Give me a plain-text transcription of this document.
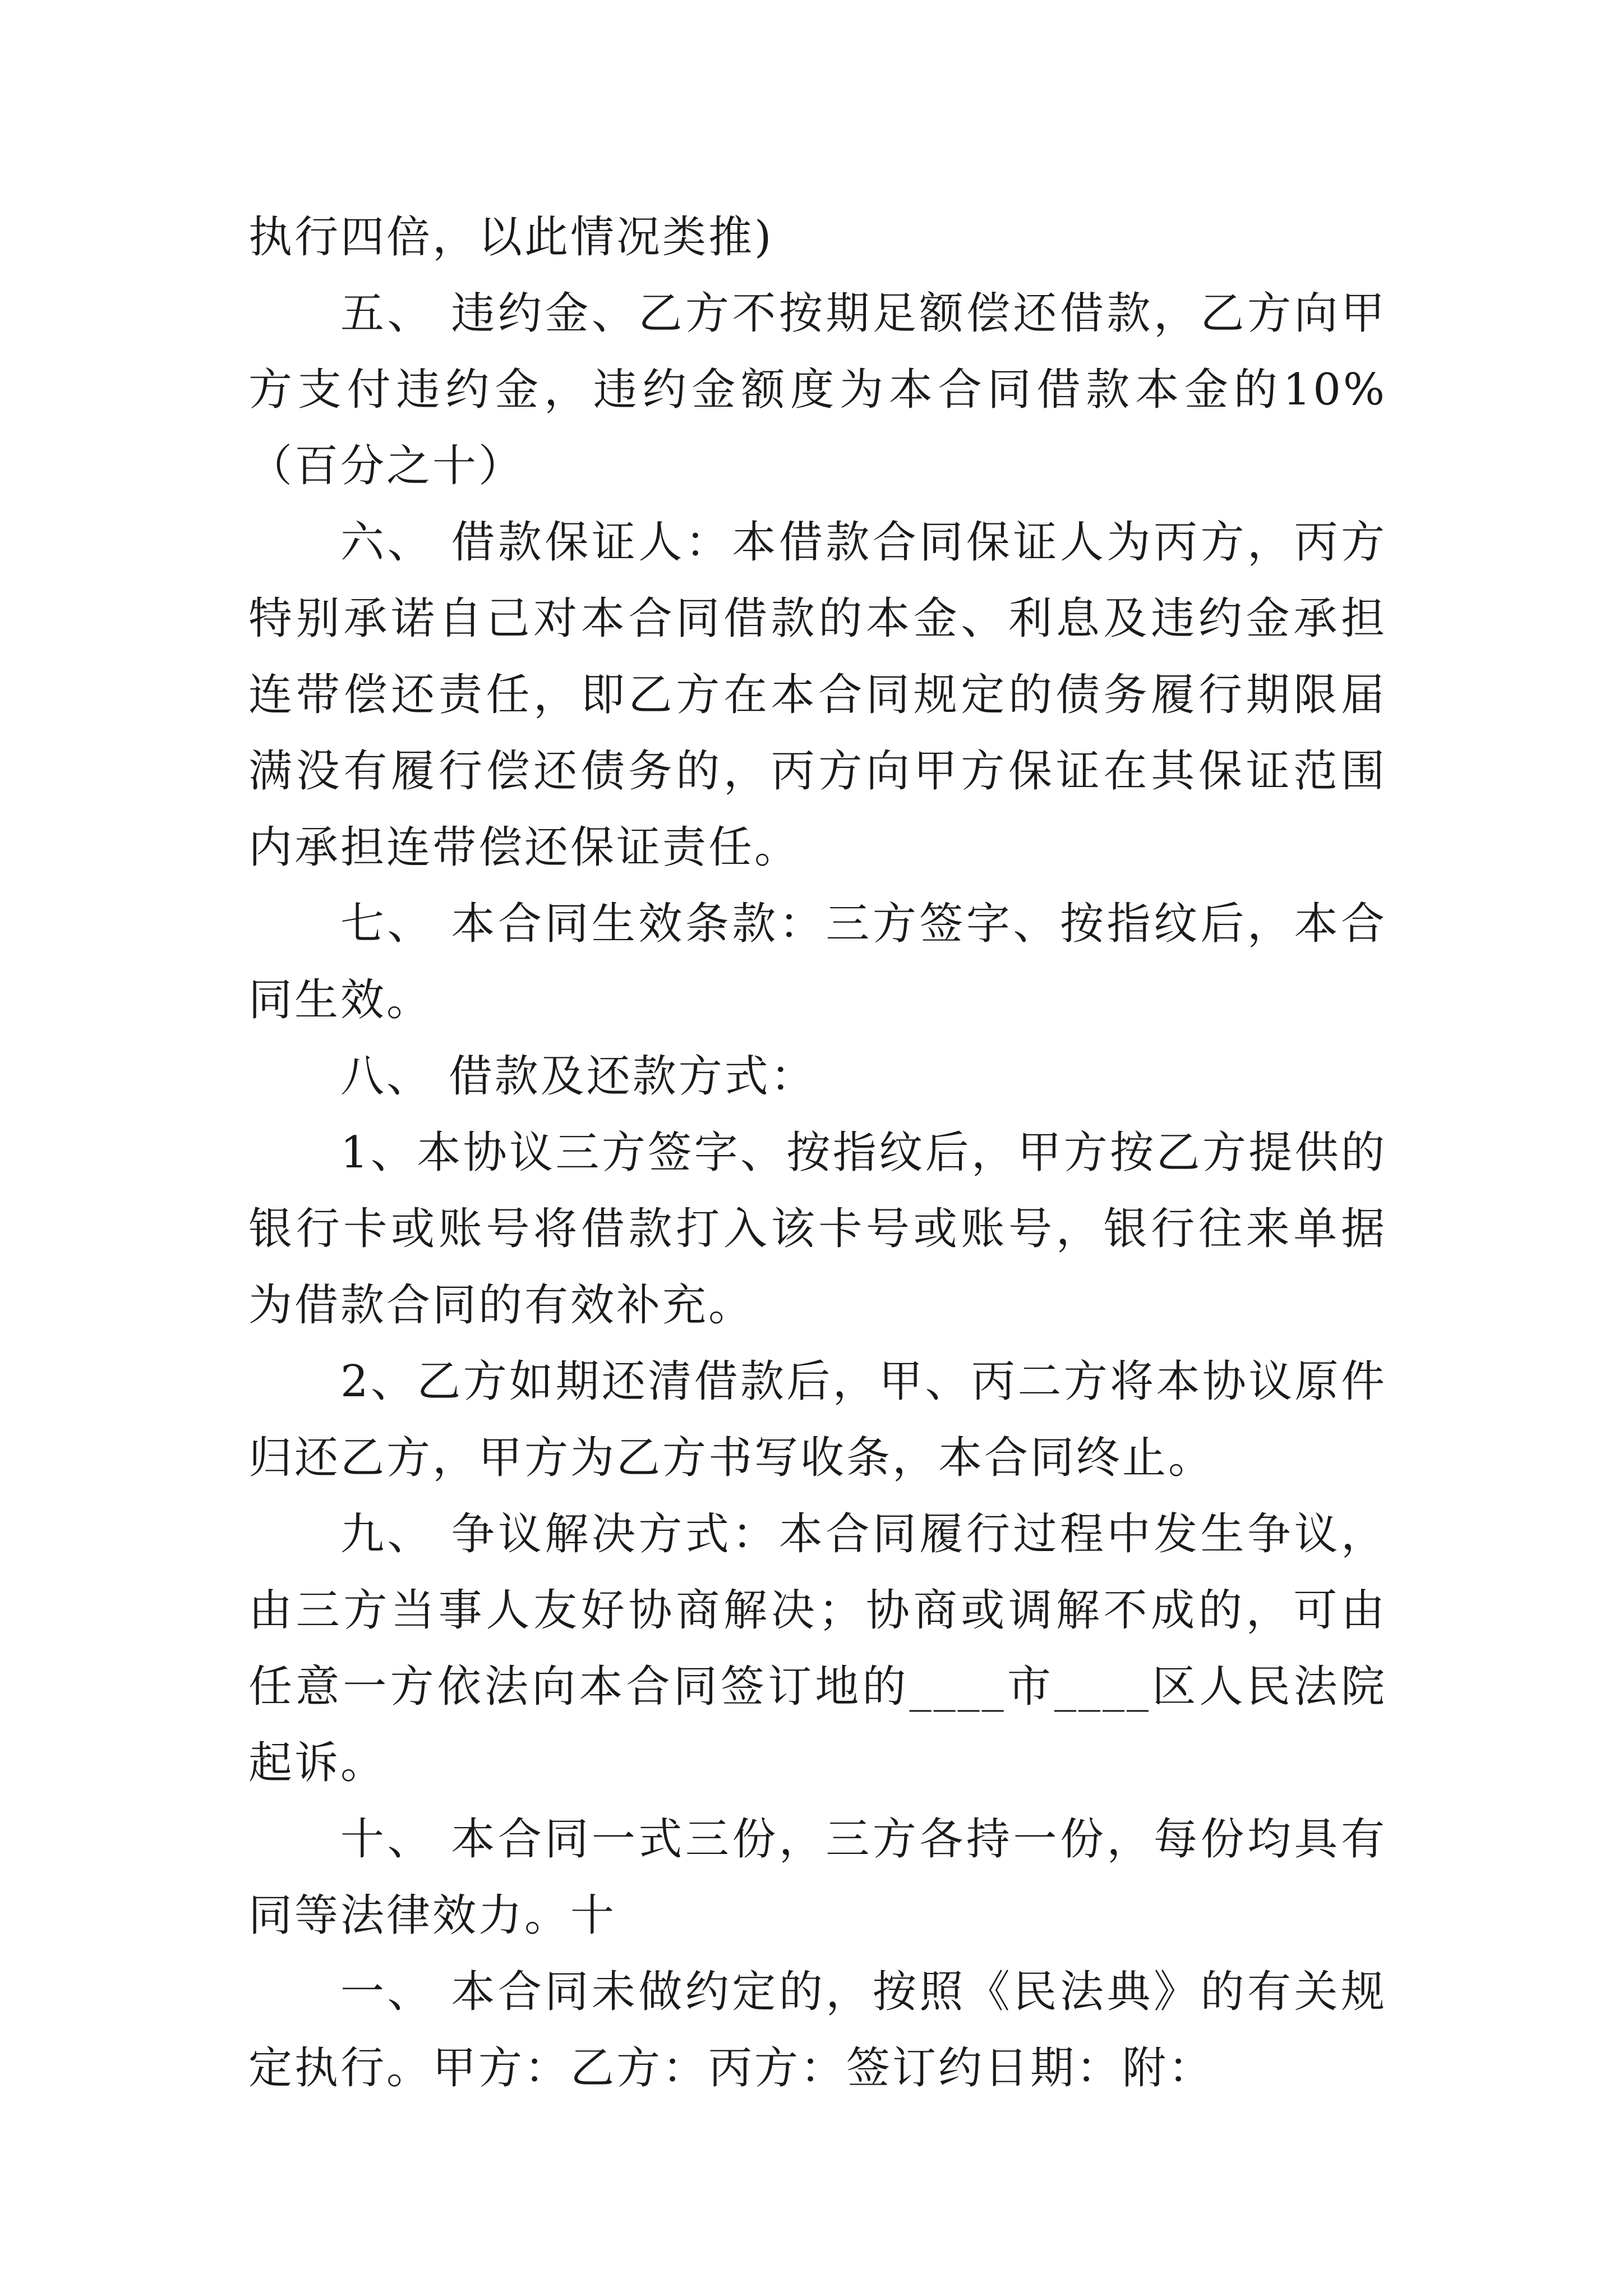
执行四倍，以此情况类推)

五、 违约金、乙方不按期足额偿还借款，乙方向甲方支付违约金，违约金额度为本合同借款本金的10%（百分之十）

六、 借款保证人：本借款合同保证人为丙方，丙方特别承诺自己对本合同借款的本金、利息及违约金承担连带偿还责任，即乙方在本合同规定的债务履行期限届满没有履行偿还债务的，丙方向甲方保证在其保证范围内承担连带偿还保证责任。

七、 本合同生效条款：三方签字、按指纹后，本合同生效。

八、 借款及还款方式：

1、本协议三方签字、按指纹后，甲方按乙方提供的银行卡或账号将借款打入该卡号或账号，银行往来单据为借款合同的有效补充。

2、乙方如期还清借款后，甲、丙二方将本协议原件归还乙方，甲方为乙方书写收条，本合同终止。

九、 争议解决方式：本合同履行过程中发生争议，由三方当事人友好协商解决；协商或调解不成的，可由任意一方依法向本合同签订地的____市____区人民法院起诉。

十、 本合同一式三份，三方各持一份，每份均具有同等法律效力。十

一、 本合同未做约定的，按照《民法典》的有关规定执行。甲方：乙方：丙方：签订约日期：附：
